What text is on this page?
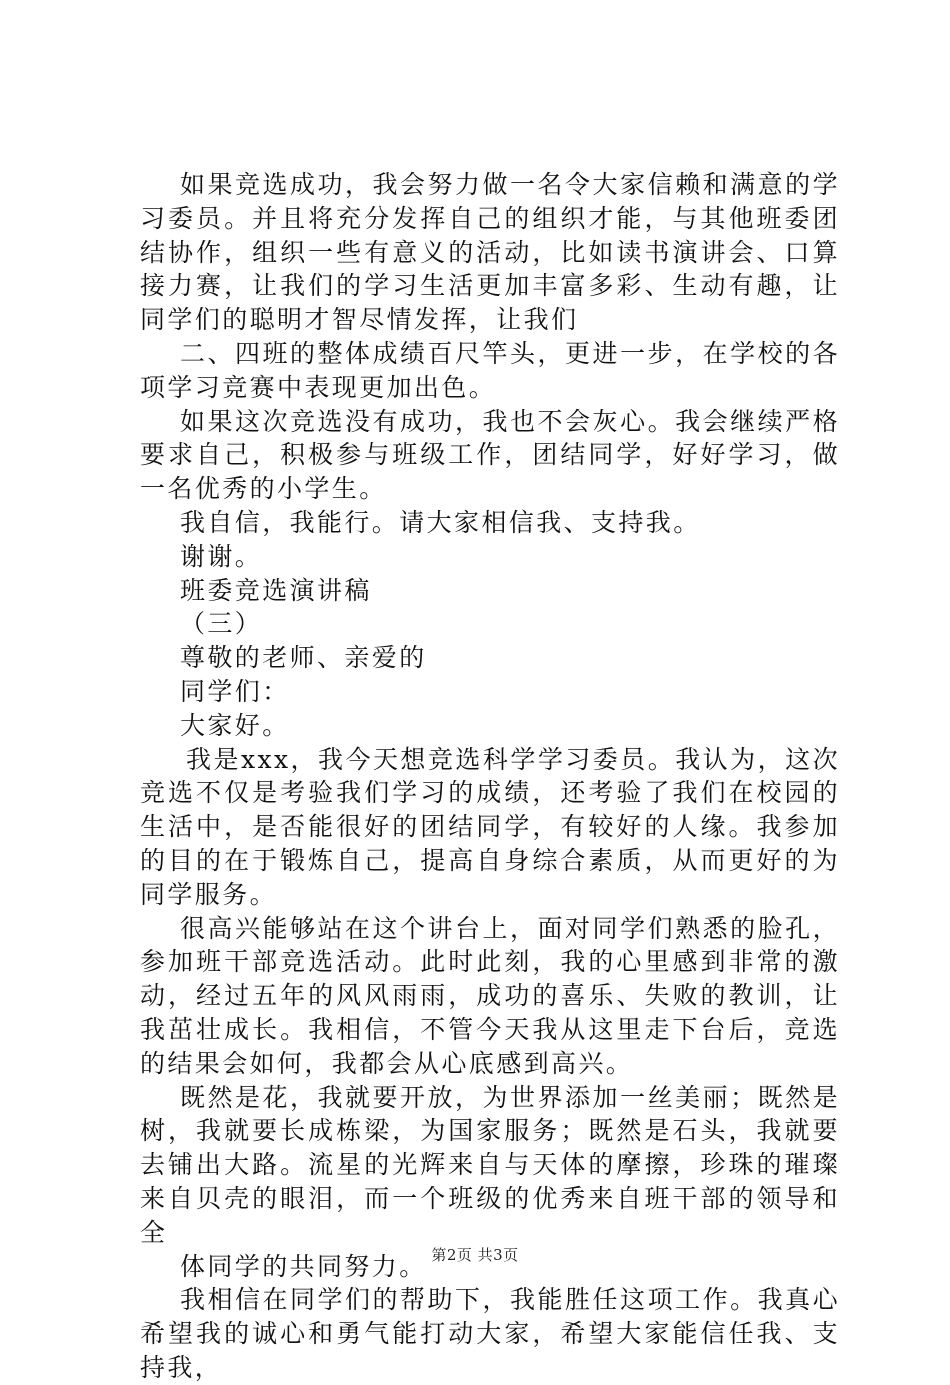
如果竞选成功，我会努力做一名令大家信赖和满意的学习委员。并且将充分发挥自己的组织才能，与其他班委团结协作，组织一些有意义的活动，比如读书演讲会、口算接力赛，让我们的学习生活更加丰富多彩、生动有趣，让同学们的聪明才智尽情发挥，让我们

二、四班的整体成绩百尺竿头，更进一步，在学校的各项学习竞赛中表现更加出色。

如果这次竞选没有成功，我也不会灰心。我会继续严格要求自己，积极参与班级工作，团结同学，好好学习，做一名优秀的小学生。

我自信，我能行。请大家相信我、支持我。

谢谢。

班委竞选演讲稿

（三）

尊敬的老师、亲爱的

同学们：

大家好。

我是xxx，我今天想竞选科学学习委员。我认为，这次竞选不仅是考验我们学习的成绩，还考验了我们在校园的生活中，是否能很好的团结同学，有较好的人缘。我参加的目的在于锻炼自己，提高自身综合素质，从而更好的为同学服务。

很高兴能够站在这个讲台上，面对同学们熟悉的脸孔，参加班干部竞选活动。此时此刻，我的心里感到非常的激动，经过五年的风风雨雨，成功的喜乐、失败的教训，让我茁壮成长。我相信，不管今天我从这里走下台后，竞选的结果会如何，我都会从心底感到高兴。

既然是花，我就要开放，为世界添加一丝美丽；既然是树，我就要长成栋梁，为国家服务；既然是石头，我就要去铺出大路。流星的光辉来自与天体的摩擦，珍珠的璀璨来自贝壳的眼泪，而一个班级的优秀来自班干部的领导和全

体同学的共同努力。

我相信在同学们的帮助下，我能胜任这项工作。我真心希望我的诚心和勇气能打动大家，希望大家能信任我、支持我，

第2页 共3页
